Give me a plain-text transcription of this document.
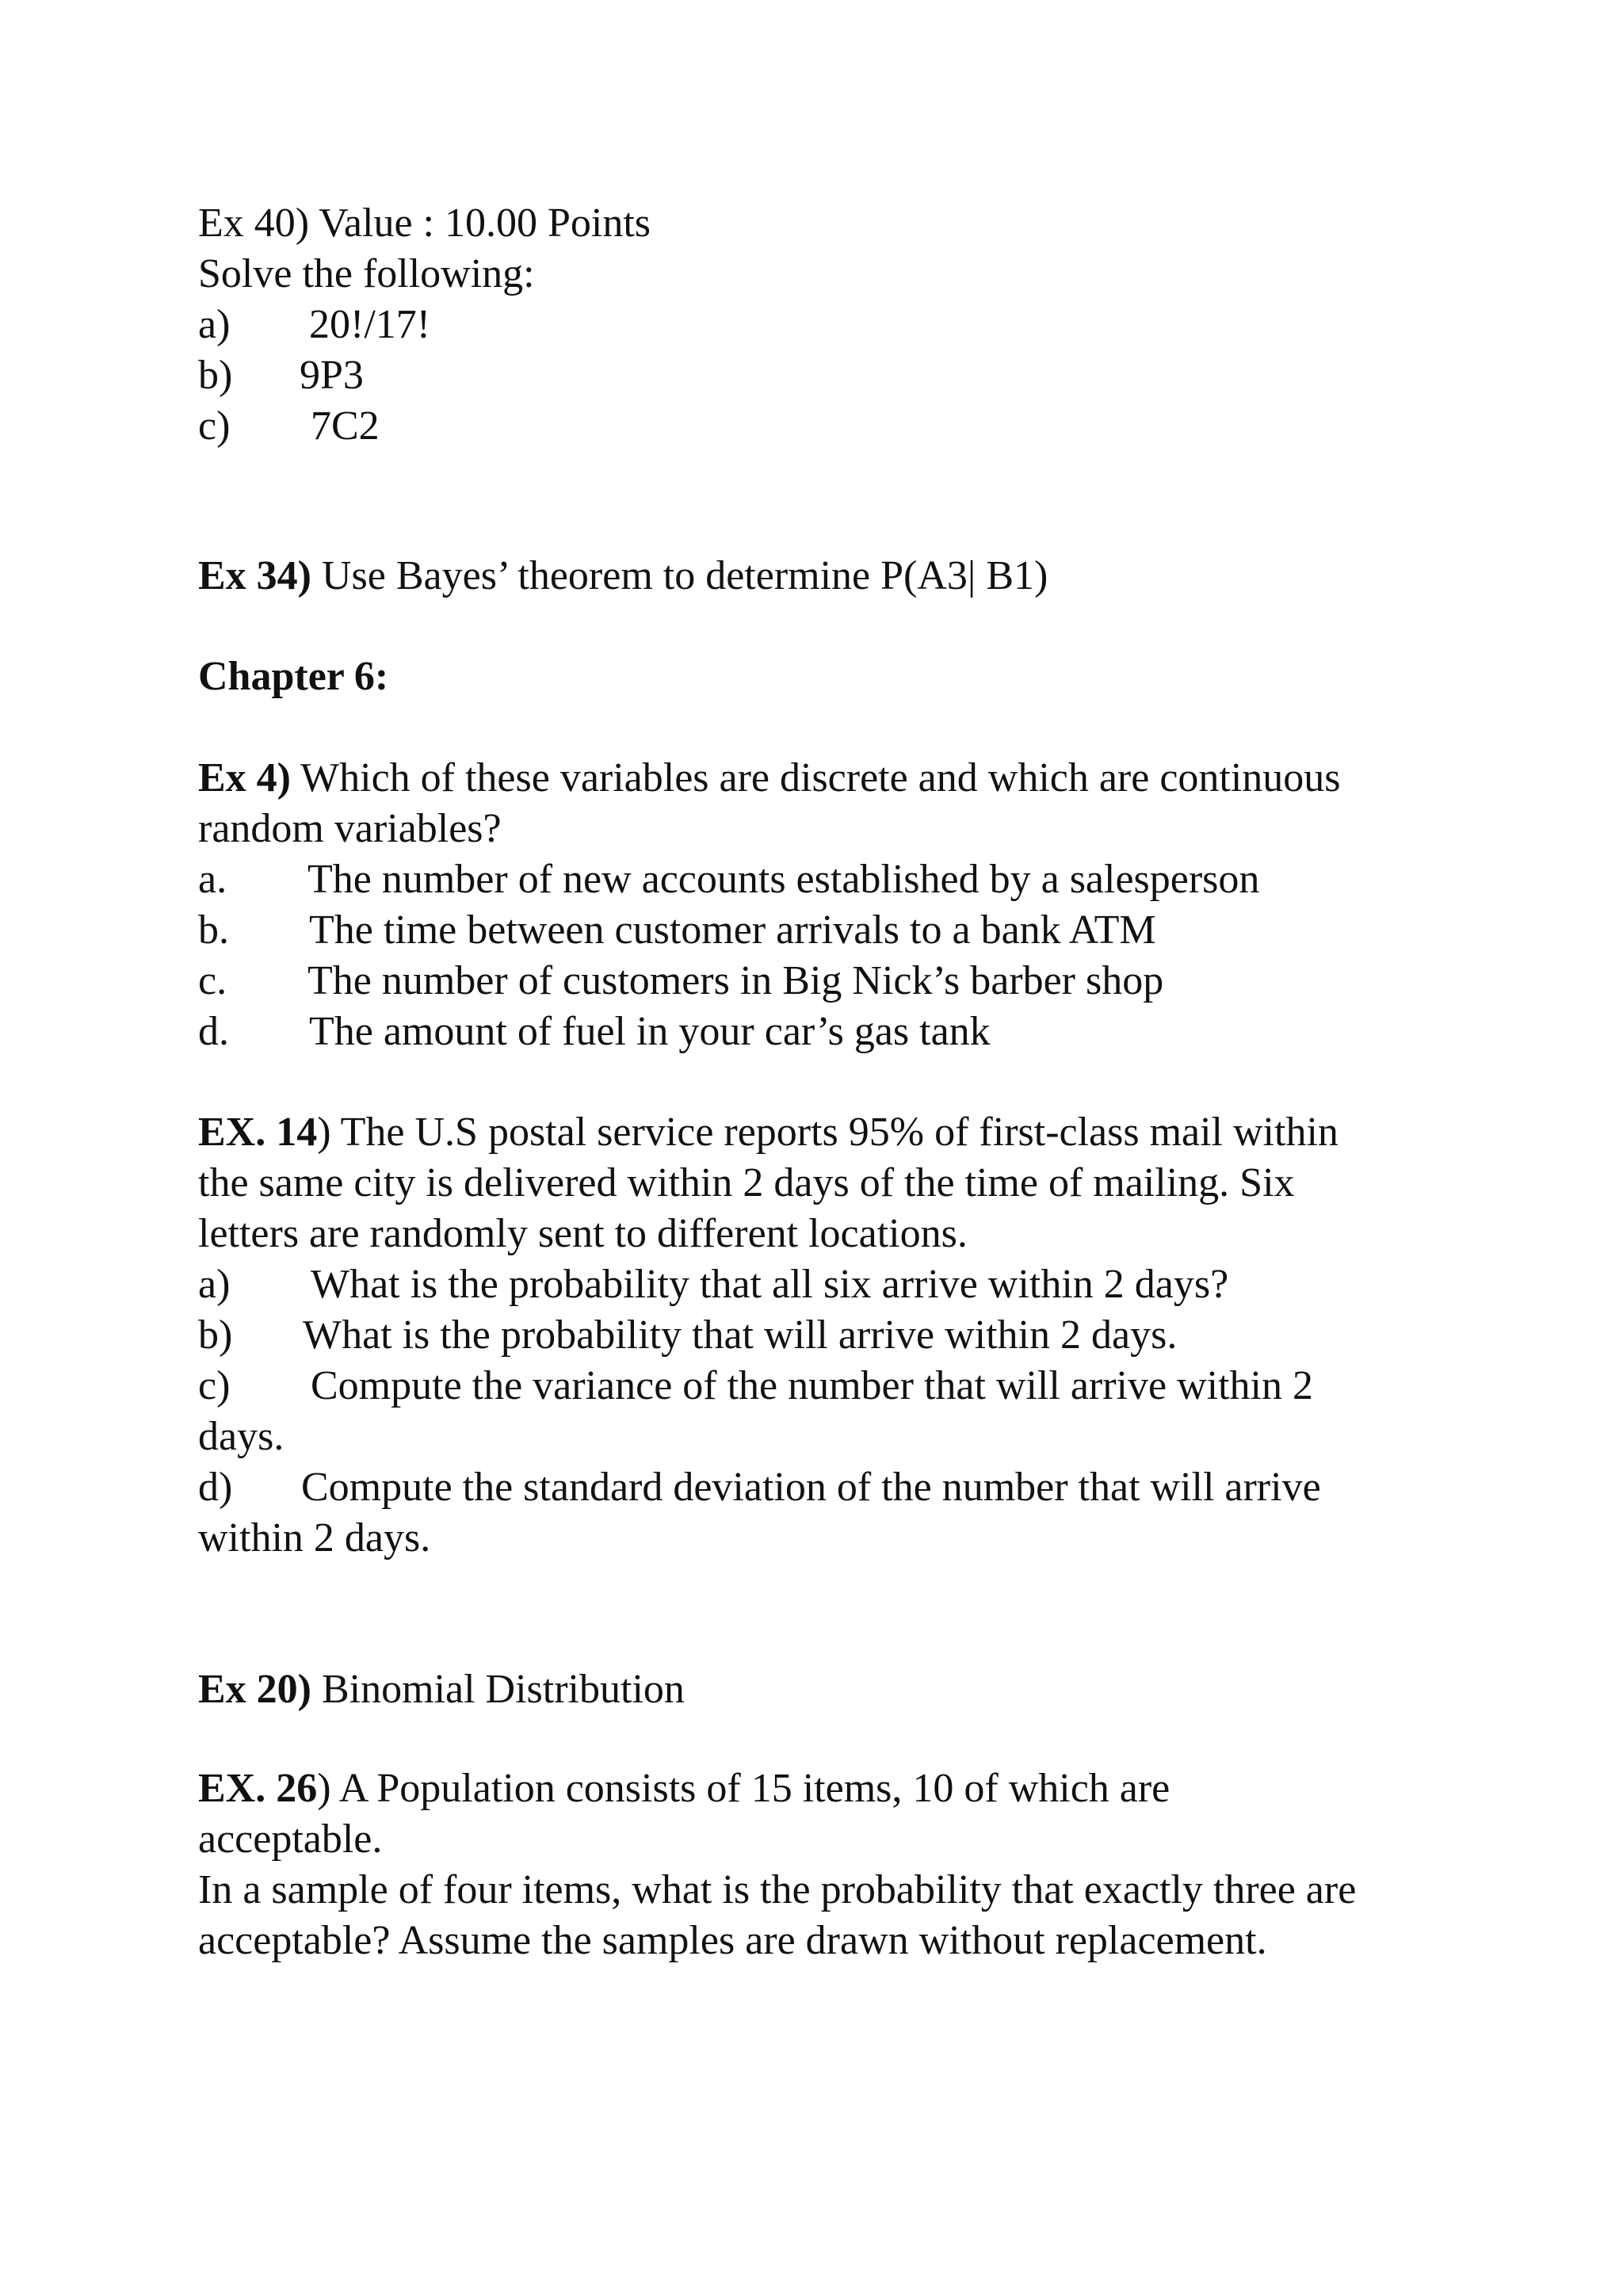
Ex 40) Value : 10.00 Points
Solve the following:
a) 20!/17!
b) 9P3
c) 7C2
Ex 34) Use Bayes’ theorem to determine P(A3| B1)
Chapter 6:
Ex 4) Which of these variables are discrete and which are continuous
random variables?
a. The number of new accounts established by a salesperson
b. The time between customer arrivals to a bank ATM
c. The number of customers in Big Nick’s barber shop
d. The amount of fuel in your car’s gas tank
EX. 14) The U.S postal service reports 95% of first-class mail within
the same city is delivered within 2 days of the time of mailing. Six
letters are randomly sent to different locations.
a) What is the probability that all six arrive within 2 days?
b) What is the probability that will arrive within 2 days.
c) Compute the variance of the number that will arrive within 2
days.
d) Compute the standard deviation of the number that will arrive
within 2 days.
Ex 20) Binomial Distribution
EX. 26) A Population consists of 15 items, 10 of which are
acceptable.
In a sample of four items, what is the probability that exactly three are
acceptable? Assume the samples are drawn without replacement.
